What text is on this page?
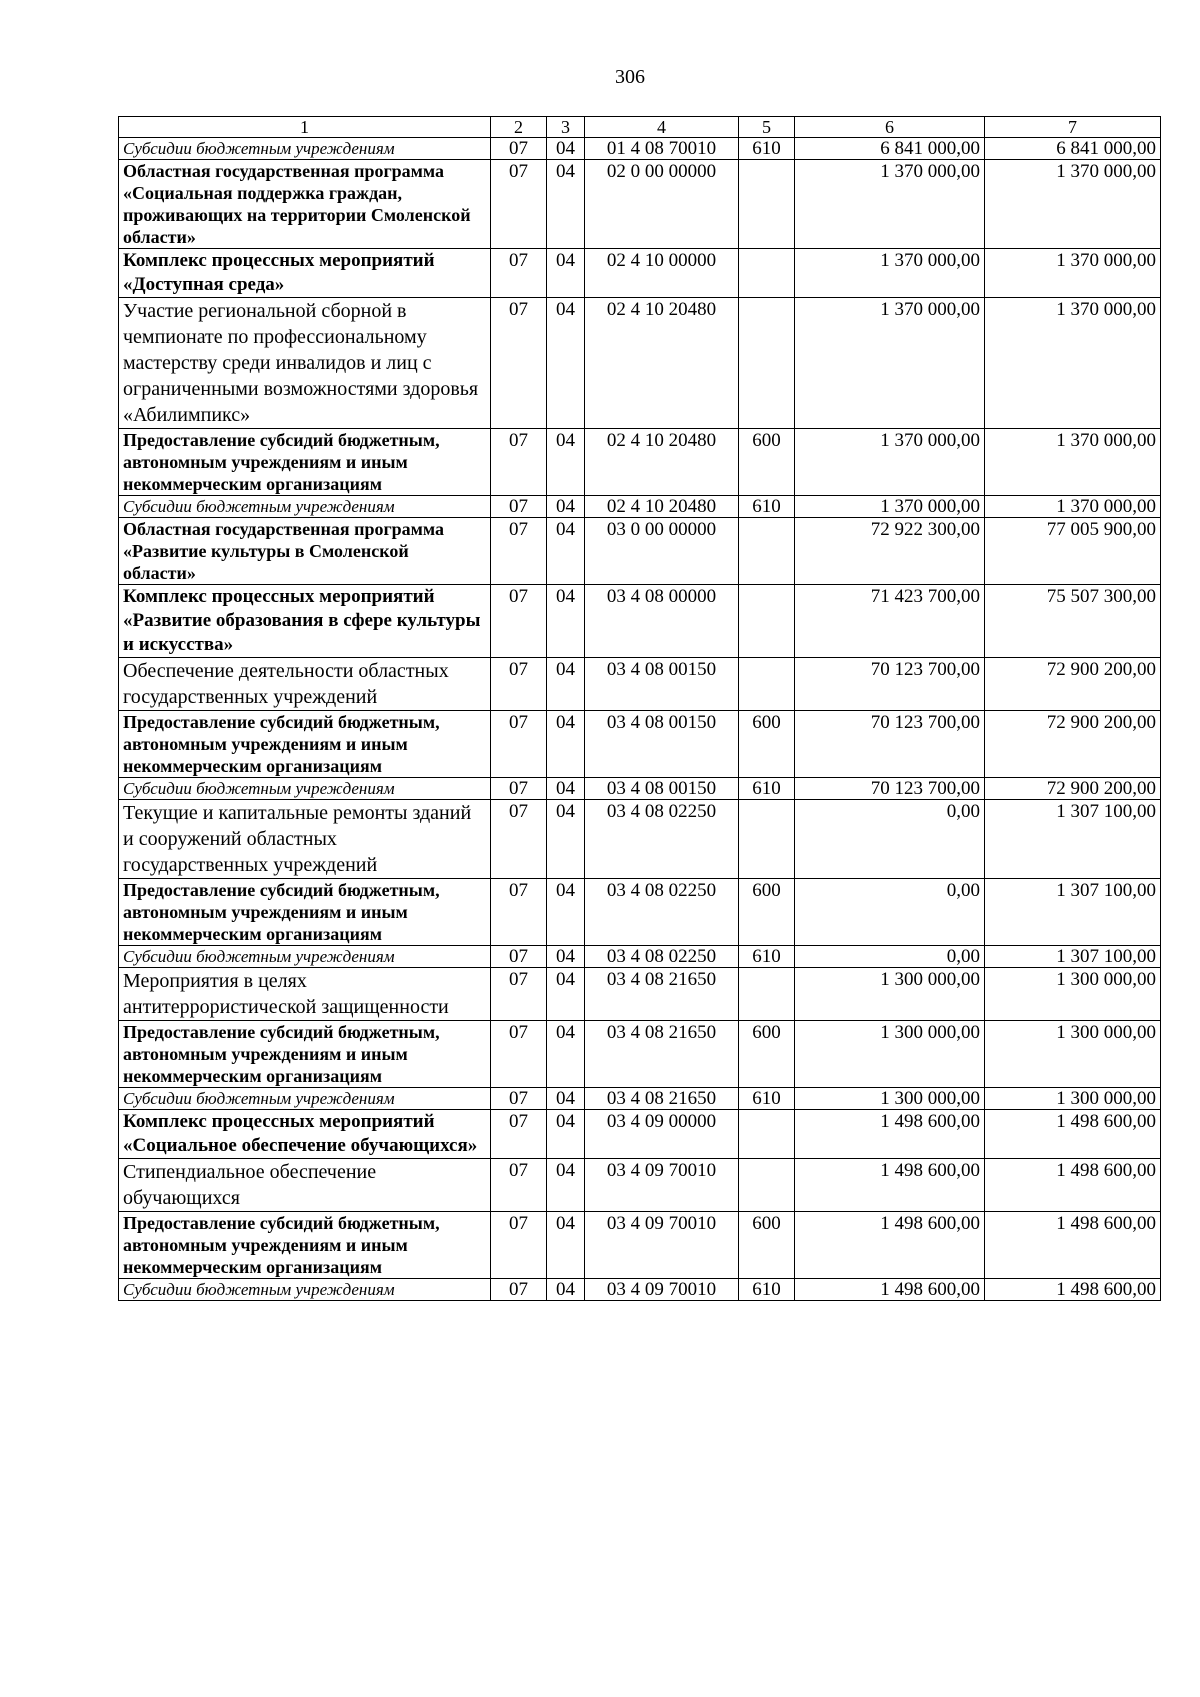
306
1	2	3	4	5	6	7
Субсидии бюджетным учреждениям	07	04	01 4 08 70010	610	6 841 000,00	6 841 000,00
Областная государственная программа «Социальная поддержка граждан, проживающих на территории Смоленской области»	07	04	02 0 00 00000		1 370 000,00	1 370 000,00
Комплекс процессных мероприятий «Доступная среда»	07	04	02 4 10 00000		1 370 000,00	1 370 000,00
Участие региональной сборной в чемпионате по профессиональному мастерству среди инвалидов и лиц с ограниченными возможностями здоровья «Абилимпикс»	07	04	02 4 10 20480		1 370 000,00	1 370 000,00
Предоставление субсидий бюджетным, автономным учреждениям и иным некоммерческим организациям	07	04	02 4 10 20480	600	1 370 000,00	1 370 000,00
Субсидии бюджетным учреждениям	07	04	02 4 10 20480	610	1 370 000,00	1 370 000,00
Областная государственная программа «Развитие культуры в Смоленской области»	07	04	03 0 00 00000		72 922 300,00	77 005 900,00
Комплекс процессных мероприятий «Развитие образования в сфере культуры и искусства»	07	04	03 4 08 00000		71 423 700,00	75 507 300,00
Обеспечение деятельности областных государственных учреждений	07	04	03 4 08 00150		70 123 700,00	72 900 200,00
Предоставление субсидий бюджетным, автономным учреждениям и иным некоммерческим организациям	07	04	03 4 08 00150	600	70 123 700,00	72 900 200,00
Субсидии бюджетным учреждениям	07	04	03 4 08 00150	610	70 123 700,00	72 900 200,00
Текущие и капитальные ремонты зданий и сооружений областных государственных учреждений	07	04	03 4 08 02250		0,00	1 307 100,00
Предоставление субсидий бюджетным, автономным учреждениям и иным некоммерческим организациям	07	04	03 4 08 02250	600	0,00	1 307 100,00
Субсидии бюджетным учреждениям	07	04	03 4 08 02250	610	0,00	1 307 100,00
Мероприятия в целях антитеррористической защищенности	07	04	03 4 08 21650		1 300 000,00	1 300 000,00
Предоставление субсидий бюджетным, автономным учреждениям и иным некоммерческим организациям	07	04	03 4 08 21650	600	1 300 000,00	1 300 000,00
Субсидии бюджетным учреждениям	07	04	03 4 08 21650	610	1 300 000,00	1 300 000,00
Комплекс процессных мероприятий «Социальное обеспечение обучающихся»	07	04	03 4 09 00000		1 498 600,00	1 498 600,00
Стипендиальное обеспечение обучающихся	07	04	03 4 09 70010		1 498 600,00	1 498 600,00
Предоставление субсидий бюджетным, автономным учреждениям и иным некоммерческим организациям	07	04	03 4 09 70010	600	1 498 600,00	1 498 600,00
Субсидии бюджетным учреждениям	07	04	03 4 09 70010	610	1 498 600,00	1 498 600,00
